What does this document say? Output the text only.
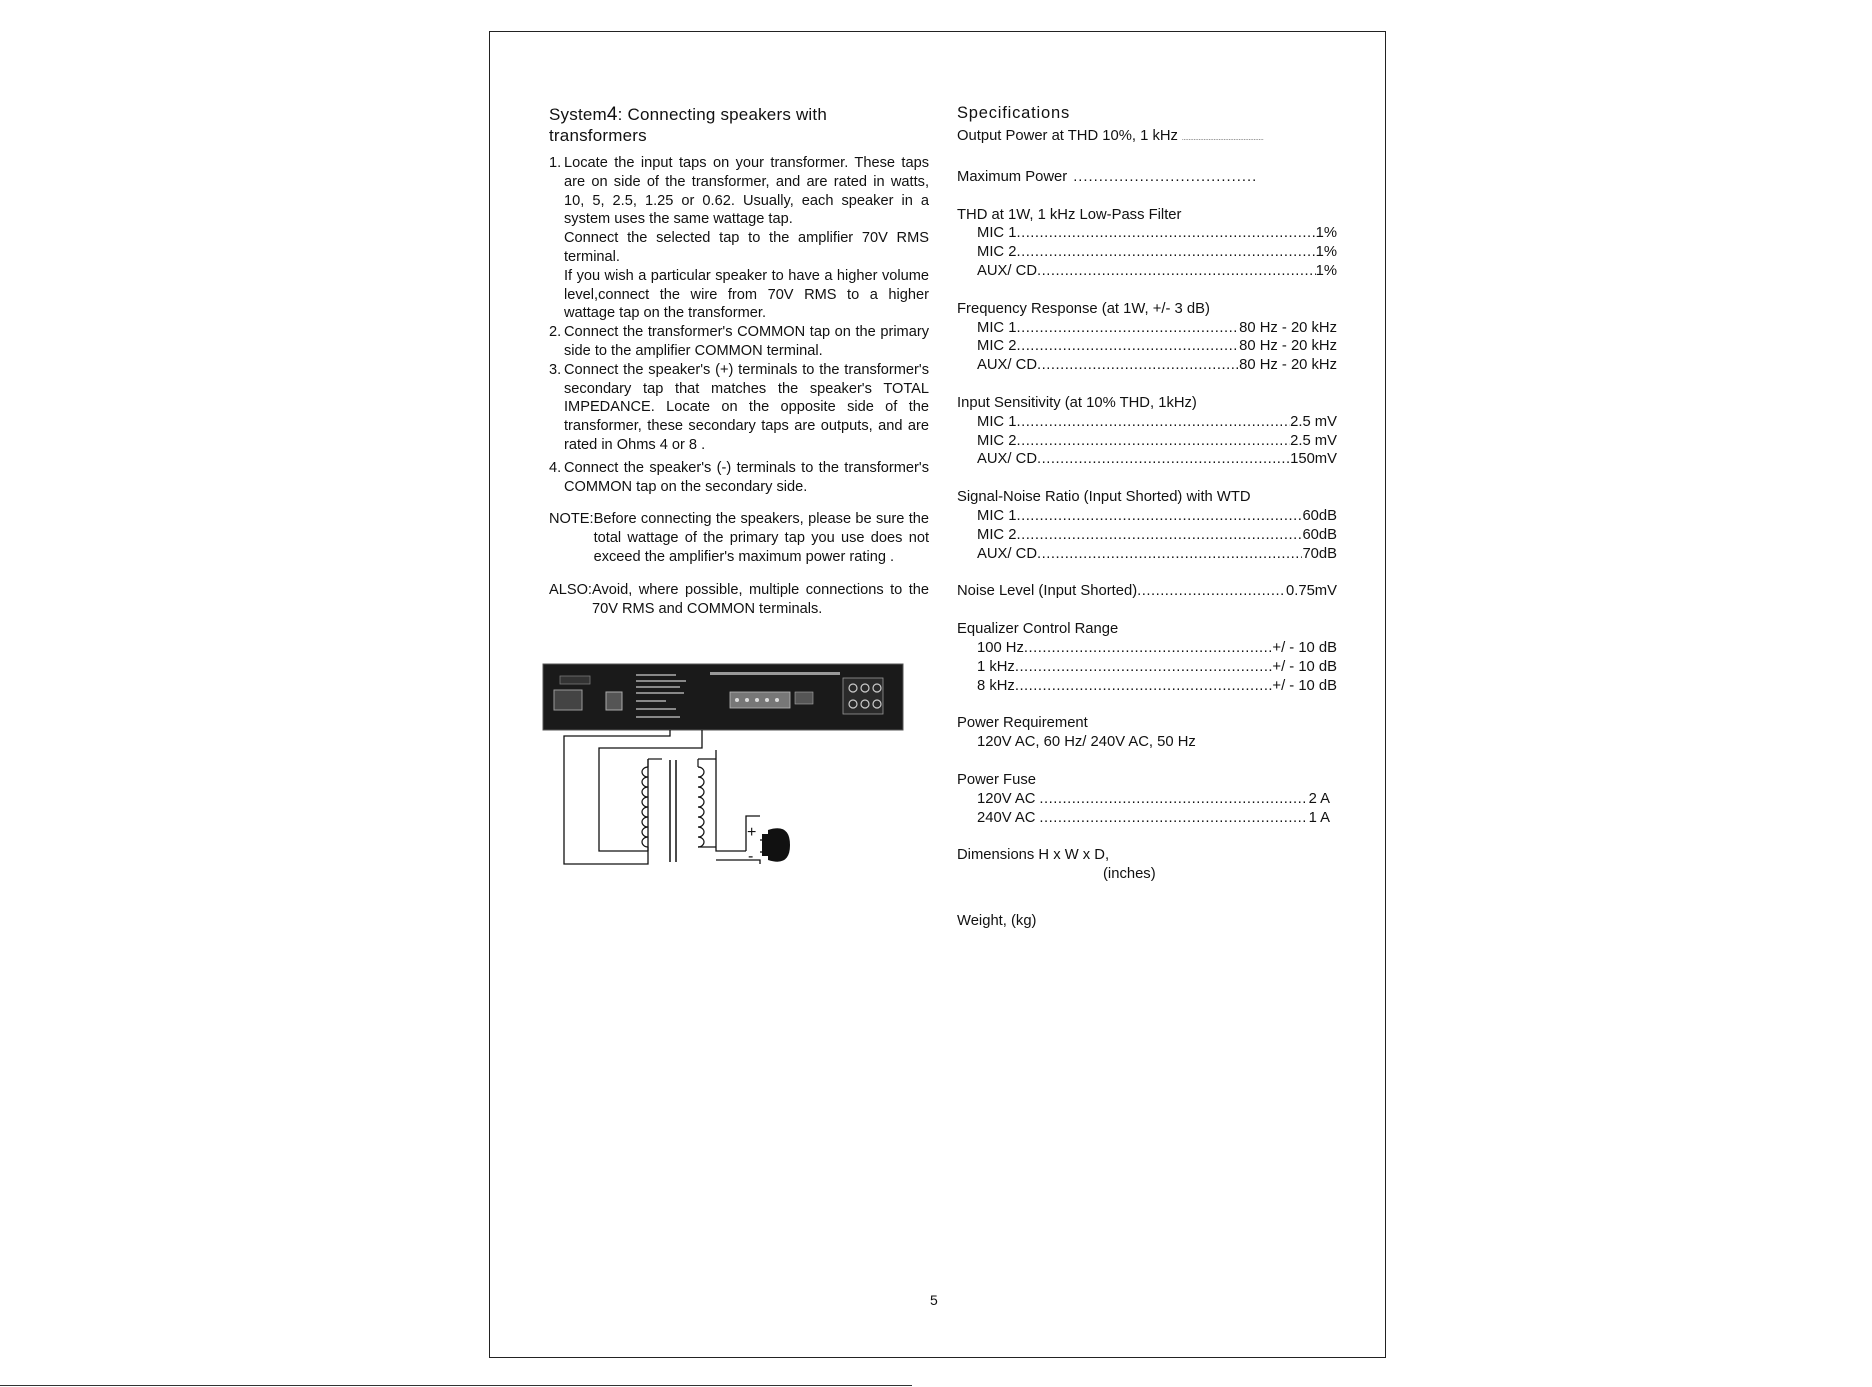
System4: Connecting speakers with transformers
1. Locate the input taps on your transformer. These taps are on side of the transformer, and are rated in watts, 10, 5, 2.5, 1.25 or 0.62. Usually, each speaker in a system uses the same wattage tap.

Connect the selected tap to the amplifier 70V RMS terminal.

If you wish a particular speaker to have a higher volume level,connect the wire from 70V RMS to a higher wattage tap on the transformer.

2. Connect the transformer's COMMON tap on the primary side to the amplifier COMMON terminal.

3. Connect the speaker's (+) terminals to the transformer's secondary tap that matches the speaker's TOTAL IMPEDANCE. Locate on the opposite side of the transformer, these secondary taps are outputs, and are rated in Ohms 4 or 8 .

4. Connect the speaker's (-) terminals to the transformer's COMMON tap on the secondary side.

NOTE: Before connecting the speakers, please be sure the total wattage of the primary tap you use does not exceed the amplifier's maximum power rating .

ALSO: Avoid, where possible, multiple connections to the 70V RMS and COMMON terminals.

+
-
Specifications
Output Power at THD 10%, 1 kHz .................................................
Maximum Power ....................................
THD at 1W, 1 kHz Low-Pass Filter
MIC 1 .....	1%
MIC 2 .....	1%
AUX/ CD .....	1%
Frequency Response (at 1W, +/- 3 dB)
MIC 1 .....	80 Hz - 20 kHz
MIC 2 .....	80 Hz - 20 kHz
AUX/ CD .....	80 Hz - 20 kHz
Input Sensitivity (at 10% THD, 1kHz)
MIC 1 .....	2.5 mV
MIC 2 .....	2.5 mV
AUX/ CD .....	150mV
Signal-Noise Ratio (Input Shorted) with WTD
MIC 1 .....	60dB
MIC 2 .....	60dB
AUX/ CD .....	70dB
Noise Level (Input Shorted) .....	0.75mV
Equalizer Control Range
100 Hz .....	+/ - 10 dB
1 kHz .....	+/ - 10 dB
8 kHz .....	+/ - 10 dB
Power Requirement
120V AC, 60 Hz/ 240V AC, 50 Hz
Power Fuse
120V AC .....	2 A
240V AC .....	1 A
Dimensions H x W x D,
(inches)
Weight, (kg)
5
